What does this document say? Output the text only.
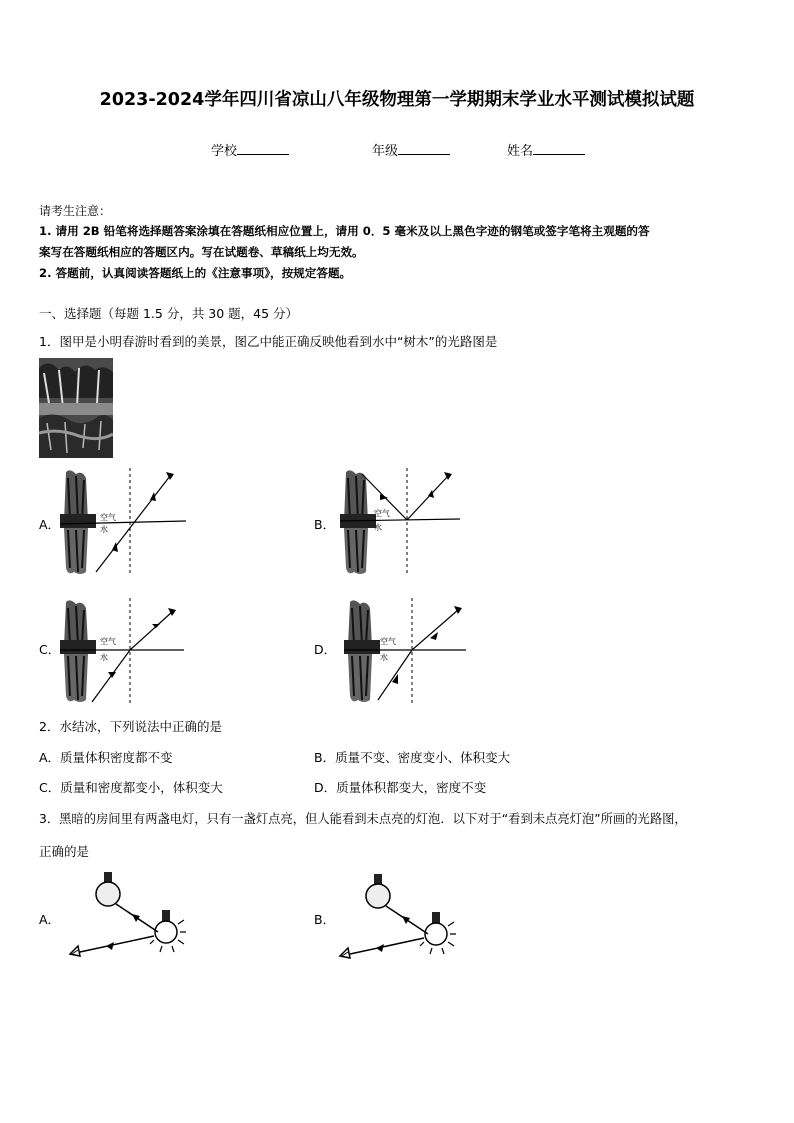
2023-2024学年四川省凉山八年级物理第一学期期末学业水平测试模拟试题
学校	年级	姓名
请考生注意：
1. 请用 2B 铅笔将选择题答案涂填在答题纸相应位置上，请用 0．5 毫米及以上黑色字迹的钢笔或签字笔将主观题的答
案写在答题纸相应的答题区内。写在试题卷、草稿纸上均无效。
2. 答题前，认真阅读答题纸上的《注意事项》，按规定答题。
一、选择题（每题 1.5 分，共 30 题，45 分）
1．图甲是小明春游时看到的美景，图乙中能正确反映他看到水中“树木”的光路图是
A．	B．
C．	D．
空气
水
空气
水
空气
水
空气
水
2．水结冰，下列说法中正确的是
A．质量体积密度都不变	B．质量不变、密度变小、体积变大
C．质量和密度都变小，体积变大	D．质量体积都变大，密度不变
3．黑暗的房间里有两盏电灯，只有一盏灯点亮，但人能看到未点亮的灯泡．以下对于“看到未点亮灯泡”所画的光路图，
正确的是
A．	B．
